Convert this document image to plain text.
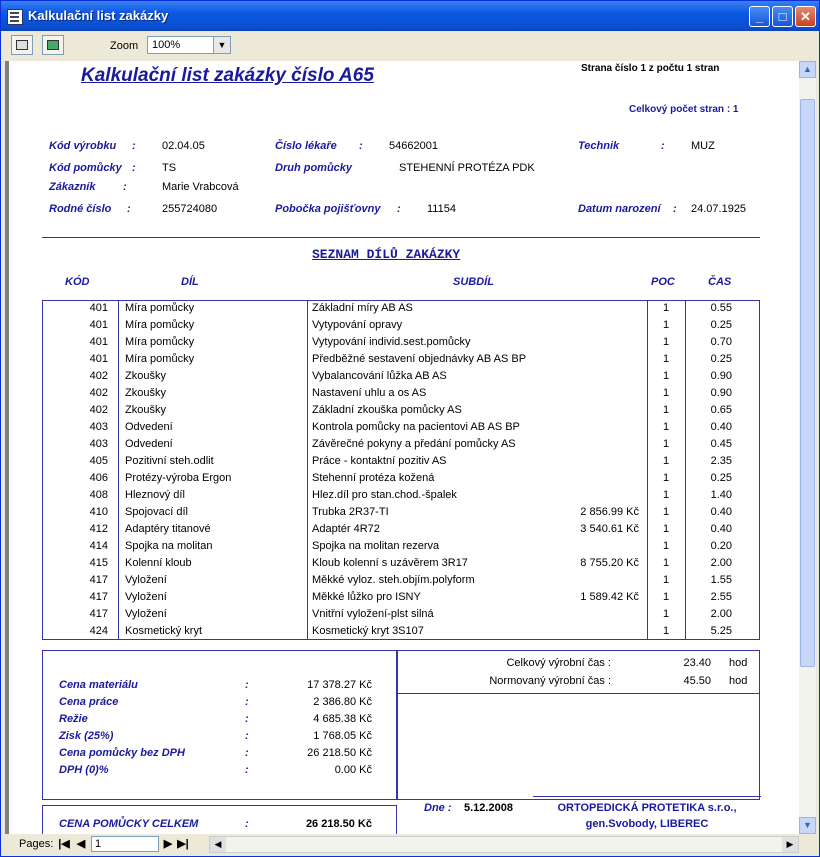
Kalkulační list zakázky	_	□	✕
Zoom 100%	▼
Kalkulační list zakázky číslo A65	Strana číslo 1 z počtu 1 stran
Celkový počet stran : 1
Kód výrobku : 02.04.05
Kód pomůcky : TS
Zákazník	:	Marie Vrabcová
Rodné číslo :	255724080
Číslo lékaře : 54662001
Druh pomůcky	STEHENNÍ PROTÉZA PDK
Pobočka pojišťovny : 11154
Technik	: MUZ
Datum narození : 24.07.1925
SEZNAM DÍLŮ ZAKÁZKY
KÓD	DÍL	SUBDÍL	POC	ČAS
401 Míra pomůcky	Základní míry AB AS	1	0.55
401 Míra pomůcky	Vytypování opravy	1	0.25
401 Míra pomůcky	Vytypování individ.sest.pomůcky	1	0.70
401 Míra pomůcky	Předběžné sestavení objednávky AB AS BP	1	0.25
402 Zkoušky	Vybalancování lůžka AB AS	1	0.90
402 Zkoušky	Nastavení uhlu a os AS	1	0.90
402 Zkoušky	Základní zkouška pomůcky AS	1	0.65
403 Odvedení	Kontrola pomůcky na pacientovi AB AS BP	1	0.40
403 Odvedení	Závěrečné pokyny a předání pomůcky AS	1	0.45
405 Pozitivní steh.odlit	Práce - kontaktní pozitiv AS	1	2.35
406 Protézy-výroba Ergon	Stehenní protéza kožená	1	0.25
408 Hleznový díl	Hlez.díl pro stan.chod.-špalek	1	1.40
410 Spojovací díl	Trubka 2R37-TI	2 856.99 Kč	1	0.40
412 Adaptéry titanové	Adaptér 4R72	3 540.61 Kč	1	0.40
414 Spojka na molitan	Spojka na molitan rezerva	1	0.20
415 Kolenní kloub	Kloub kolenní s uzávěrem 3R17	8 755.20 Kč	1	2.00
417 Vyložení	Měkké vyloz. steh.objím.polyform	1	1.55
417 Vyložení	Měkké lůžko pro ISNY	1 589.42 Kč	1	2.55
417 Vyložení	Vnitřní vyložení-plst silná	1	2.00
424 Kosmetický kryt	Kosmetický kryt 3S107	1	5.25
Cena materiálu	:	17 378.27 Kč
Cena práce	:	2 386.80 Kč
Režie	:	4 685.38 Kč
Zisk (25%)	:	1 768.05 Kč
Cena pomůcky bez DPH	:	26 218.50 Kč
DPH (0)%	:	0.00 Kč
Celkový výrobní čas :	23.40 hod
Normovaný výrobní čas :	45.50 hod
CENA POMŮCKY CELKEM	:	26 218.50 Kč
Dne : 5.12.2008	ORTOPEDICKÁ PROTETIKA s.r.o.,
gen.Svobody, LIBEREC
▲
▼
Pages: |◀ ◀ 1	▶ ▶|	◀	▶
